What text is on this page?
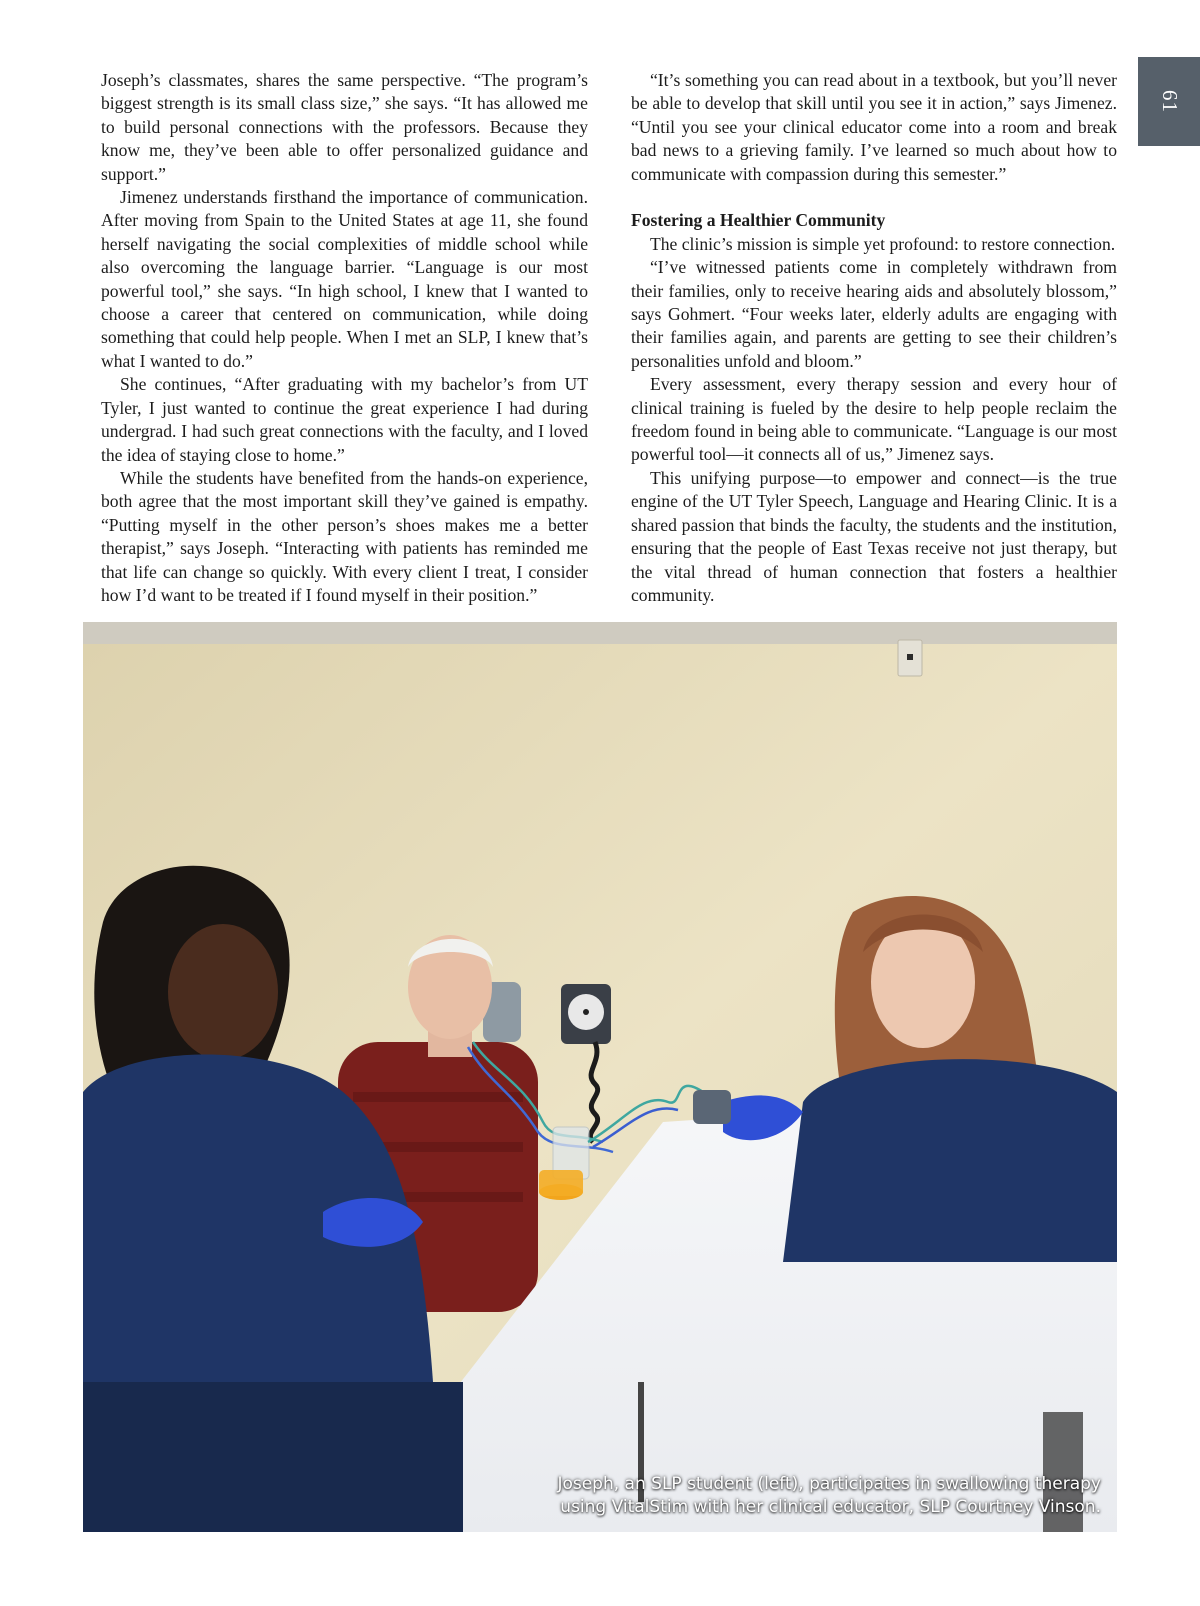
61

Joseph’s classmates, shares the same perspective. “The program’s biggest strength is its small class size,” she says. “It has allowed me to build personal connections with the professors. Because they know me, they’ve been able to offer personalized guidance and support.”

Jimenez understands firsthand the importance of communication. After moving from Spain to the United States at age 11, she found herself navigating the social complexities of middle school while also overcoming the language barrier. “Language is our most powerful tool,” she says. “In high school, I knew that I wanted to choose a career that centered on communication, while doing something that could help people. When I met an SLP, I knew that’s what I wanted to do.”

She continues, “After graduating with my bachelor’s from UT Tyler, I just wanted to continue the great experience I had during undergrad. I had such great connections with the faculty, and I loved the idea of staying close to home.”

While the students have benefited from the hands-on experience, both agree that the most important skill they’ve gained is empathy. “Putting myself in the other person’s shoes makes me a better therapist,” says Joseph. “Interacting with patients has reminded me that life can change so quickly. With every client I treat, I consider how I’d want to be treated if I found myself in their position.”

“It’s something you can read about in a textbook, but you’ll never be able to develop that skill until you see it in action,” says Jimenez. “Until you see your clinical educator come into a room and break bad news to a grieving family. I’ve learned so much about how to communicate with compassion during this semester.”

Fostering a Healthier Community

The clinic’s mission is simple yet profound: to restore connection.

“I’ve witnessed patients come in completely withdrawn from their families, only to receive hearing aids and absolutely blossom,” says Gohmert. “Four weeks later, elderly adults are engaging with their families again, and parents are getting to see their children’s personalities unfold and bloom.”

Every assessment, every therapy session and every hour of clinical training is fueled by the desire to help people reclaim the freedom found in being able to communicate. “Language is our most powerful tool—it connects all of us,” Jimenez says.

This unifying purpose—to empower and connect—is the true engine of the UT Tyler Speech, Language and Hearing Clinic. It is a shared passion that binds the faculty, the students and the institution, ensuring that the people of East Texas receive not just therapy, but the vital thread of human connection that fosters a healthier community.

Joseph, an SLP student (left), participates in swallowing therapy
using VitalStim with her clinical educator, SLP Courtney Vinson.
